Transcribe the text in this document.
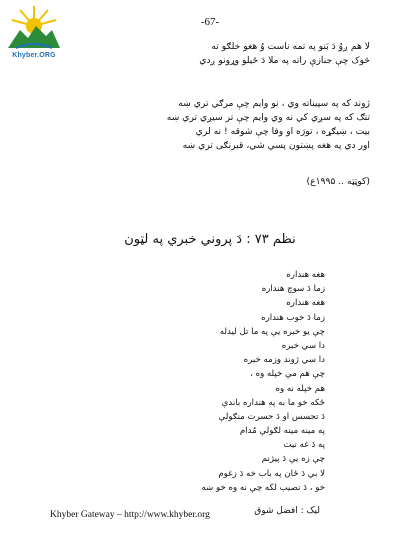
Khyber.ORG
-67-
لا هم ږوُ دَ بَنو په تمه ناست وُ هغو خلګو ته
څوک چې جنازې راته په ملا دَ ځیلو وړونو ږدي
ژوند که په سپیناته وي ، نو وایم چې مرګي تري ښه
تنګ که په سږي کي نه وي وایم چې تر سیږي تري ښه
بیت ، ښیګړه ، تورَه او وفا چې شوقه ! نه لري
اور دي په هغه پښتون پسي شي، قبرنګی تري ښه
(کوټټه .. ۱۹۹۵ع)
نظم ۷۳ : دَ پروني خبري په لټون
هغه هنداره
زما دَ سوچ هنداره
هغه هنداره
زما دَ خوب هنداره
چې یو خبره یې په ما تل لیدله
دا سي خبره
دا سي ژوند وزمه خبره
چې هم مې خپله وه ،
هم خپله نه وه
ځکه خو ما به په هنداره باندې
دَ تجسس او دَ حسرت منګولې
په مینه مینه لګولې مُدام
په دَ غه نیت
چې زه یې دَ پیژنم
لا بي دَ ځان په باب خه دَ زغوم
خو ، دَ نصیب لکه چې نه وه خو ښه
Khyber Gateway – http://www.khyber.org	لیک : افضل شوق
